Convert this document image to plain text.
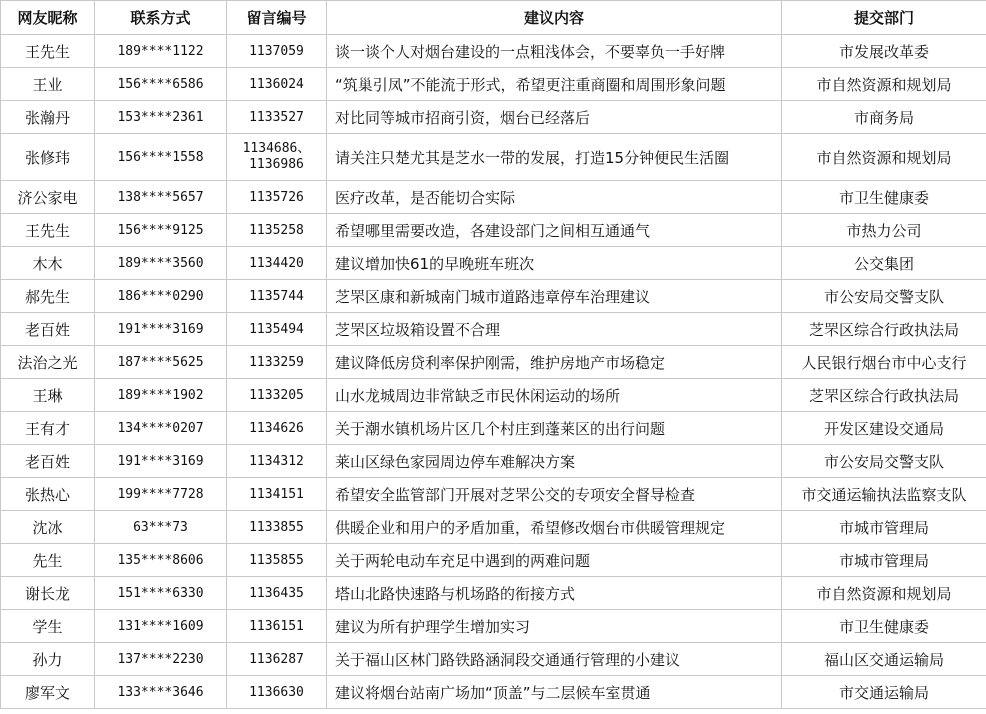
网友昵称	联系方式	留言编号	建议内容	提交部门
王先生	189****1122	1137059	谈一谈个人对烟台建设的一点粗浅体会，不要辜负一手好牌	市发展改革委
王业	156****6586	1136024	“筑巢引凤”不能流于形式，希望更注重商圈和周围形象问题	市自然资源和规划局
张瀚丹	153****2361	1133527	对比同等城市招商引资，烟台已经落后	市商务局
张修玮	156****1558	1134686、1136986	请关注只楚尤其是芝水一带的发展，打造15分钟便民生活圈	市自然资源和规划局
济公家电	138****5657	1135726	医疗改革，是否能切合实际	市卫生健康委
王先生	156****9125	1135258	希望哪里需要改造，各建设部门之间相互通通气	市热力公司
木木	189****3560	1134420	建议增加快61的早晚班车班次	公交集团
郝先生	186****0290	1135744	芝罘区康和新城南门城市道路违章停车治理建议	市公安局交警支队
老百姓	191****3169	1135494	芝罘区垃圾箱设置不合理	芝罘区综合行政执法局
法治之光	187****5625	1133259	建议降低房贷利率保护刚需，维护房地产市场稳定	人民银行烟台市中心支行
王琳	189****1902	1133205	山水龙城周边非常缺乏市民休闲运动的场所	芝罘区综合行政执法局
王有才	134****0207	1134626	关于潮水镇机场片区几个村庄到蓬莱区的出行问题	开发区建设交通局
老百姓	191****3169	1134312	莱山区绿色家园周边停车难解决方案	市公安局交警支队
张热心	199****7728	1134151	希望安全监管部门开展对芝罘公交的专项安全督导检查	市交通运输执法监察支队
沈冰	63***73	1133855	供暖企业和用户的矛盾加重，希望修改烟台市供暖管理规定	市城市管理局
先生	135****8606	1135855	关于两轮电动车充足中遇到的两难问题	市城市管理局
谢长龙	151****6330	1136435	塔山北路快速路与机场路的衔接方式	市自然资源和规划局
学生	131****1609	1136151	建议为所有护理学生增加实习	市卫生健康委
孙力	137****2230	1136287	关于福山区林门路铁路涵洞段交通通行管理的小建议	福山区交通运输局
廖军文	133****3646	1136630	建议将烟台站南广场加“顶盖”与二层候车室贯通	市交通运输局
